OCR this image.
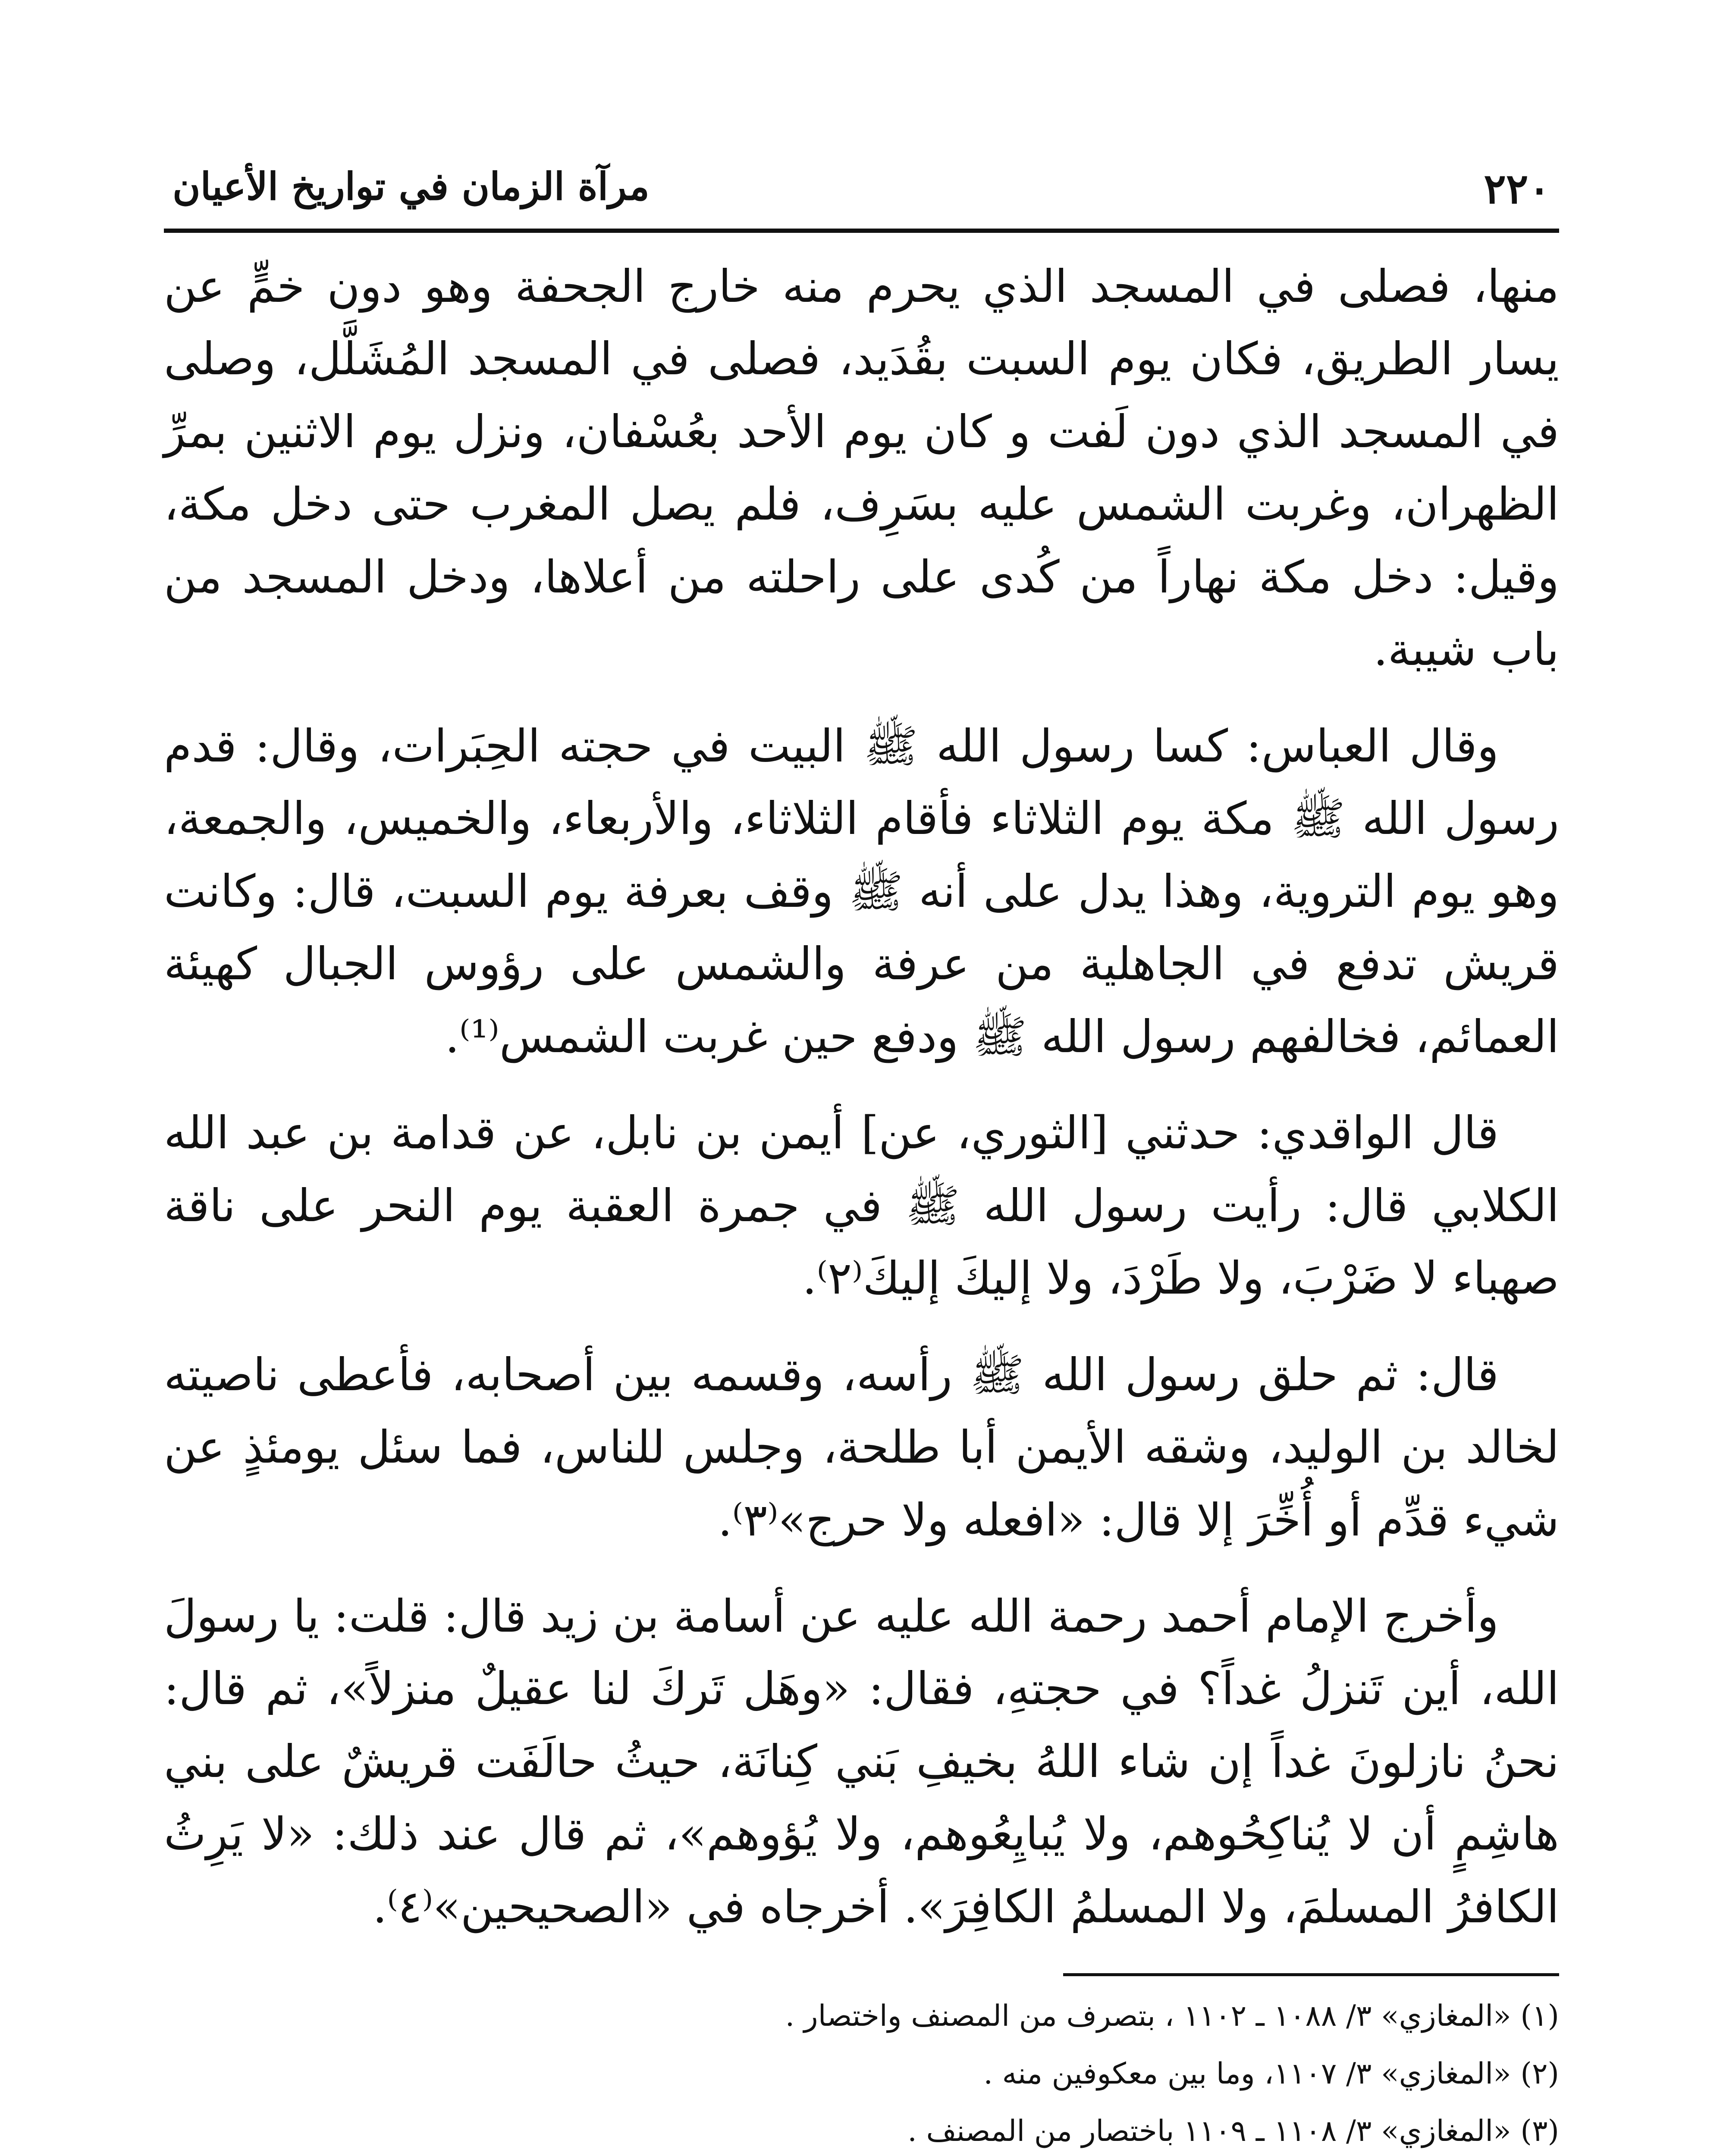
٢٢٠
مرآة الزمان في تواريخ الأعيان

منها، فصلى في المسجد الذي يحرم منه خارج الجحفة وهو دون خمٍّ عن يسار الطريق، فكان يوم السبت بقُدَيد، فصلى في المسجد المُشَلَّل، وصلى في المسجد الذي دون لَفت و كان يوم الأحد بعُسْفان، ونزل يوم الاثنين بمرِّ الظهران، وغربت الشمس عليه بسَرِف، فلم يصل المغرب حتى دخل مكة، وقيل: دخل مكة نهاراً من كُدى على راحلته من أعلاها، ودخل المسجد من باب شيبة.

وقال العباس: كسا رسول الله ﷺ البيت في حجته الحِبَرات، وقال: قدم رسول الله ﷺ مكة يوم الثلاثاء فأقام الثلاثاء، والأربعاء، والخميس، والجمعة، وهو يوم التروية، وهذا يدل على أنه ﷺ وقف بعرفة يوم السبت، قال: وكانت قريش تدفع في الجاهلية من عرفة والشمس على رؤوس الجبال كهيئة العمائم، فخالفهم رسول الله ﷺ ودفع حين غربت الشمس⁽¹⁾.

قال الواقدي: حدثني [الثوري، عن] أيمن بن نابل، عن قدامة بن عبد الله الكلابي قال: رأيت رسول الله ﷺ في جمرة العقبة يوم النحر على ناقة صهباء لا ضَرْبَ، ولا طَرْدَ، ولا إليكَ إليكَ⁽٢⁾.

قال: ثم حلق رسول الله ﷺ رأسه، وقسمه بين أصحابه، فأعطى ناصيته لخالد بن الوليد، وشقه الأيمن أبا طلحة، وجلس للناس، فما سئل يومئذٍ عن شيء قدِّم أو أُخِّرَ إلا قال: «افعله ولا حرج»⁽٣⁾.

وأخرج الإمام أحمد رحمة الله عليه عن أسامة بن زيد قال: قلت: يا رسولَ الله، أين تَنزلُ غداً؟ في حجتهِ، فقال: «وهَل تَركَ لنا عقيلٌ منزلاً»، ثم قال: نحنُ نازلونَ غداً إن شاء اللهُ بخيفِ بَني كِنانَة، حيثُ حالَفَت قريشٌ على بني هاشِمٍ أن لا يُناكِحُوهم، ولا يُبايِعُوهم، ولا يُؤوهم»، ثم قال عند ذلك: «لا يَرِثُ الكافرُ المسلمَ، ولا المسلمُ الكافِرَ». أخرجاه في «الصحيحين»⁽٤⁾.

(١) «المغازي» ٣/ ١٠٨٨ ـ ١١٠٢ ، بتصرف من المصنف واختصار .

(٢) «المغازي» ٣/ ١١٠٧، وما بين معكوفين منه .

(٣) «المغازي» ٣/ ١١٠٨ ـ ١١٠٩ باختصار من المصنف .
